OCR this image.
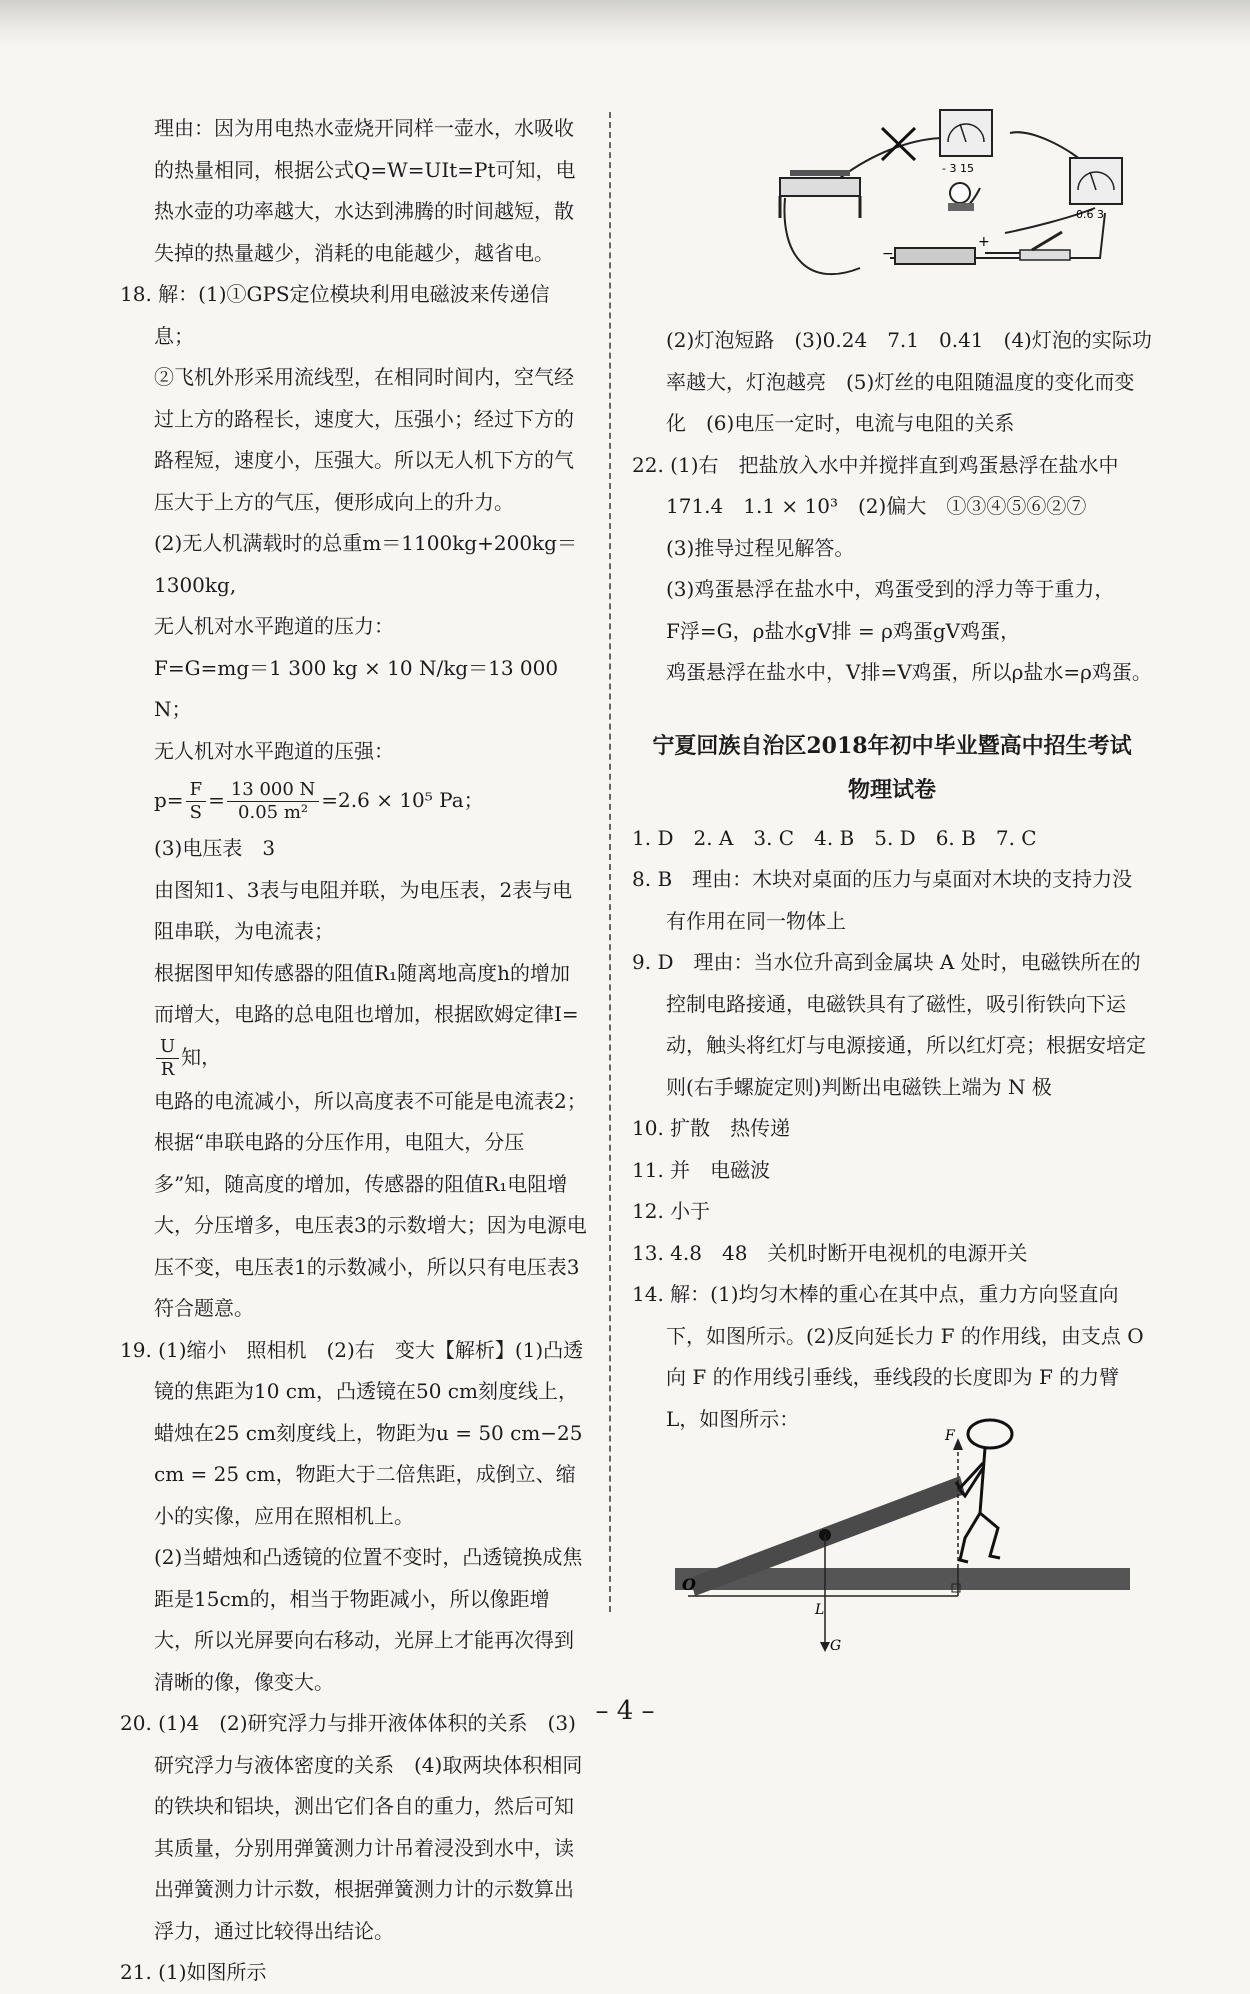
理由：因为用电热水壶烧开同样一壶水，水吸收的热量相同，根据公式Q=W=UIt=Pt可知，电热水壶的功率越大，水达到沸腾的时间越短，散失掉的热量越少，消耗的电能越少，越省电。

18. 解：(1)①GPS定位模块利用电磁波来传递信息；

②飞机外形采用流线型，在相同时间内，空气经过上方的路程长，速度大，压强小；经过下方的路程短，速度小，压强大。所以无人机下方的气压大于上方的气压，便形成向上的升力。

(2)无人机满载时的总重m＝1100kg+200kg＝1300kg,

无人机对水平跑道的压力：

F=G=mg＝1 300 kg × 10 N/kg＝13 000 N；

无人机对水平跑道的压强：

$p= \frac{F}{S} = \frac{13 000 N}{\text{0.05 m²}} =2.6 \times 10^5$ Pa；

(3)电压表　3

由图知1、3表与电阻并联，为电压表，2表与电阻串联，为电流表；

根据图甲知传感器的阻值R₁随离地高度h的增加而增大，电路的总电阻也增加，根据欧姆定律I=
$\frac{U}{R}$ 知，

电路的电流减小，所以高度表不可能是电流表2；根据“串联电路的分压作用，电阻大，分压多”知，随高度的增加，传感器的阻值R₁电阻增大，分压增多，电压表3的示数增大；因为电源电压不变，电压表1的示数减小，所以只有电压表3符合题意。

19. (1)缩小　照相机　(2)右　变大【解析】(1)凸透镜的焦距为10 cm，凸透镜在50 cm刻度线上，蜡烛在25 cm刻度线上，物距为u = 50 cm−25 cm = 25 cm，物距大于二倍焦距，成倒立、缩小的实像，应用在照相机上。

(2)当蜡烛和凸透镜的位置不变时，凸透镜换成焦距是15cm的，相当于物距减小，所以像距增大，所以光屏要向右移动，光屏上才能再次得到清晰的像，像变大。

20. (1)4　(2)研究浮力与排开液体体积的关系　(3)研究浮力与液体密度的关系　(4)取两块体积相同的铁块和铝块，测出它们各自的重力，然后可知其质量，分别用弹簧测力计吊着浸没到水中，读出弹簧测力计示数，根据弹簧测力计的示数算出浮力，通过比较得出结论。

21. (1)如图所示

- 3 15
0.6 3
−
+

(2)灯泡短路　(3)0.24　7.1　0.41　(4)灯泡的实际功率越大，灯泡越亮　(5)灯丝的电阻随温度的变化而变化　(6)电压一定时，电流与电阻的关系

22. (1)右　把盐放入水中并搅拌直到鸡蛋悬浮在盐水中

171.4　1.1 × 10³　(2)偏大　①③④⑤⑥②⑦

(3)推导过程见解答。

(3)鸡蛋悬浮在盐水中，鸡蛋受到的浮力等于重力，

F浮=G，ρ盐水gV排 = ρ鸡蛋gV鸡蛋，

鸡蛋悬浮在盐水中，V排=V鸡蛋，所以ρ盐水=ρ鸡蛋。

宁夏回族自治区2018年初中毕业暨高中招生考试
物理试卷

1. D　2. A　3. C　4. B　5. D　6. B　7. C

8. B　理由：木块对桌面的压力与桌面对木块的支持力没有作用在同一物体上

9. D　理由：当水位升高到金属块 A 处时，电磁铁所在的控制电路接通，电磁铁具有了磁性，吸引衔铁向下运动，触头将红灯与电源接通，所以红灯亮；根据安培定则(右手螺旋定则)判断出电磁铁上端为 N 极

10. 扩散　热传递

11. 并　电磁波

12. 小于

13. 4.8　48　关机时断开电视机的电源开关

14. 解：(1)均匀木棒的重心在其中点，重力方向竖直向下，如图所示。(2)反向延长力 F 的作用线，由支点 O 向 F 的作用线引垂线，垂线段的长度即为 F 的力臂 L，如图所示：

F
O
L
G
– 4 –
